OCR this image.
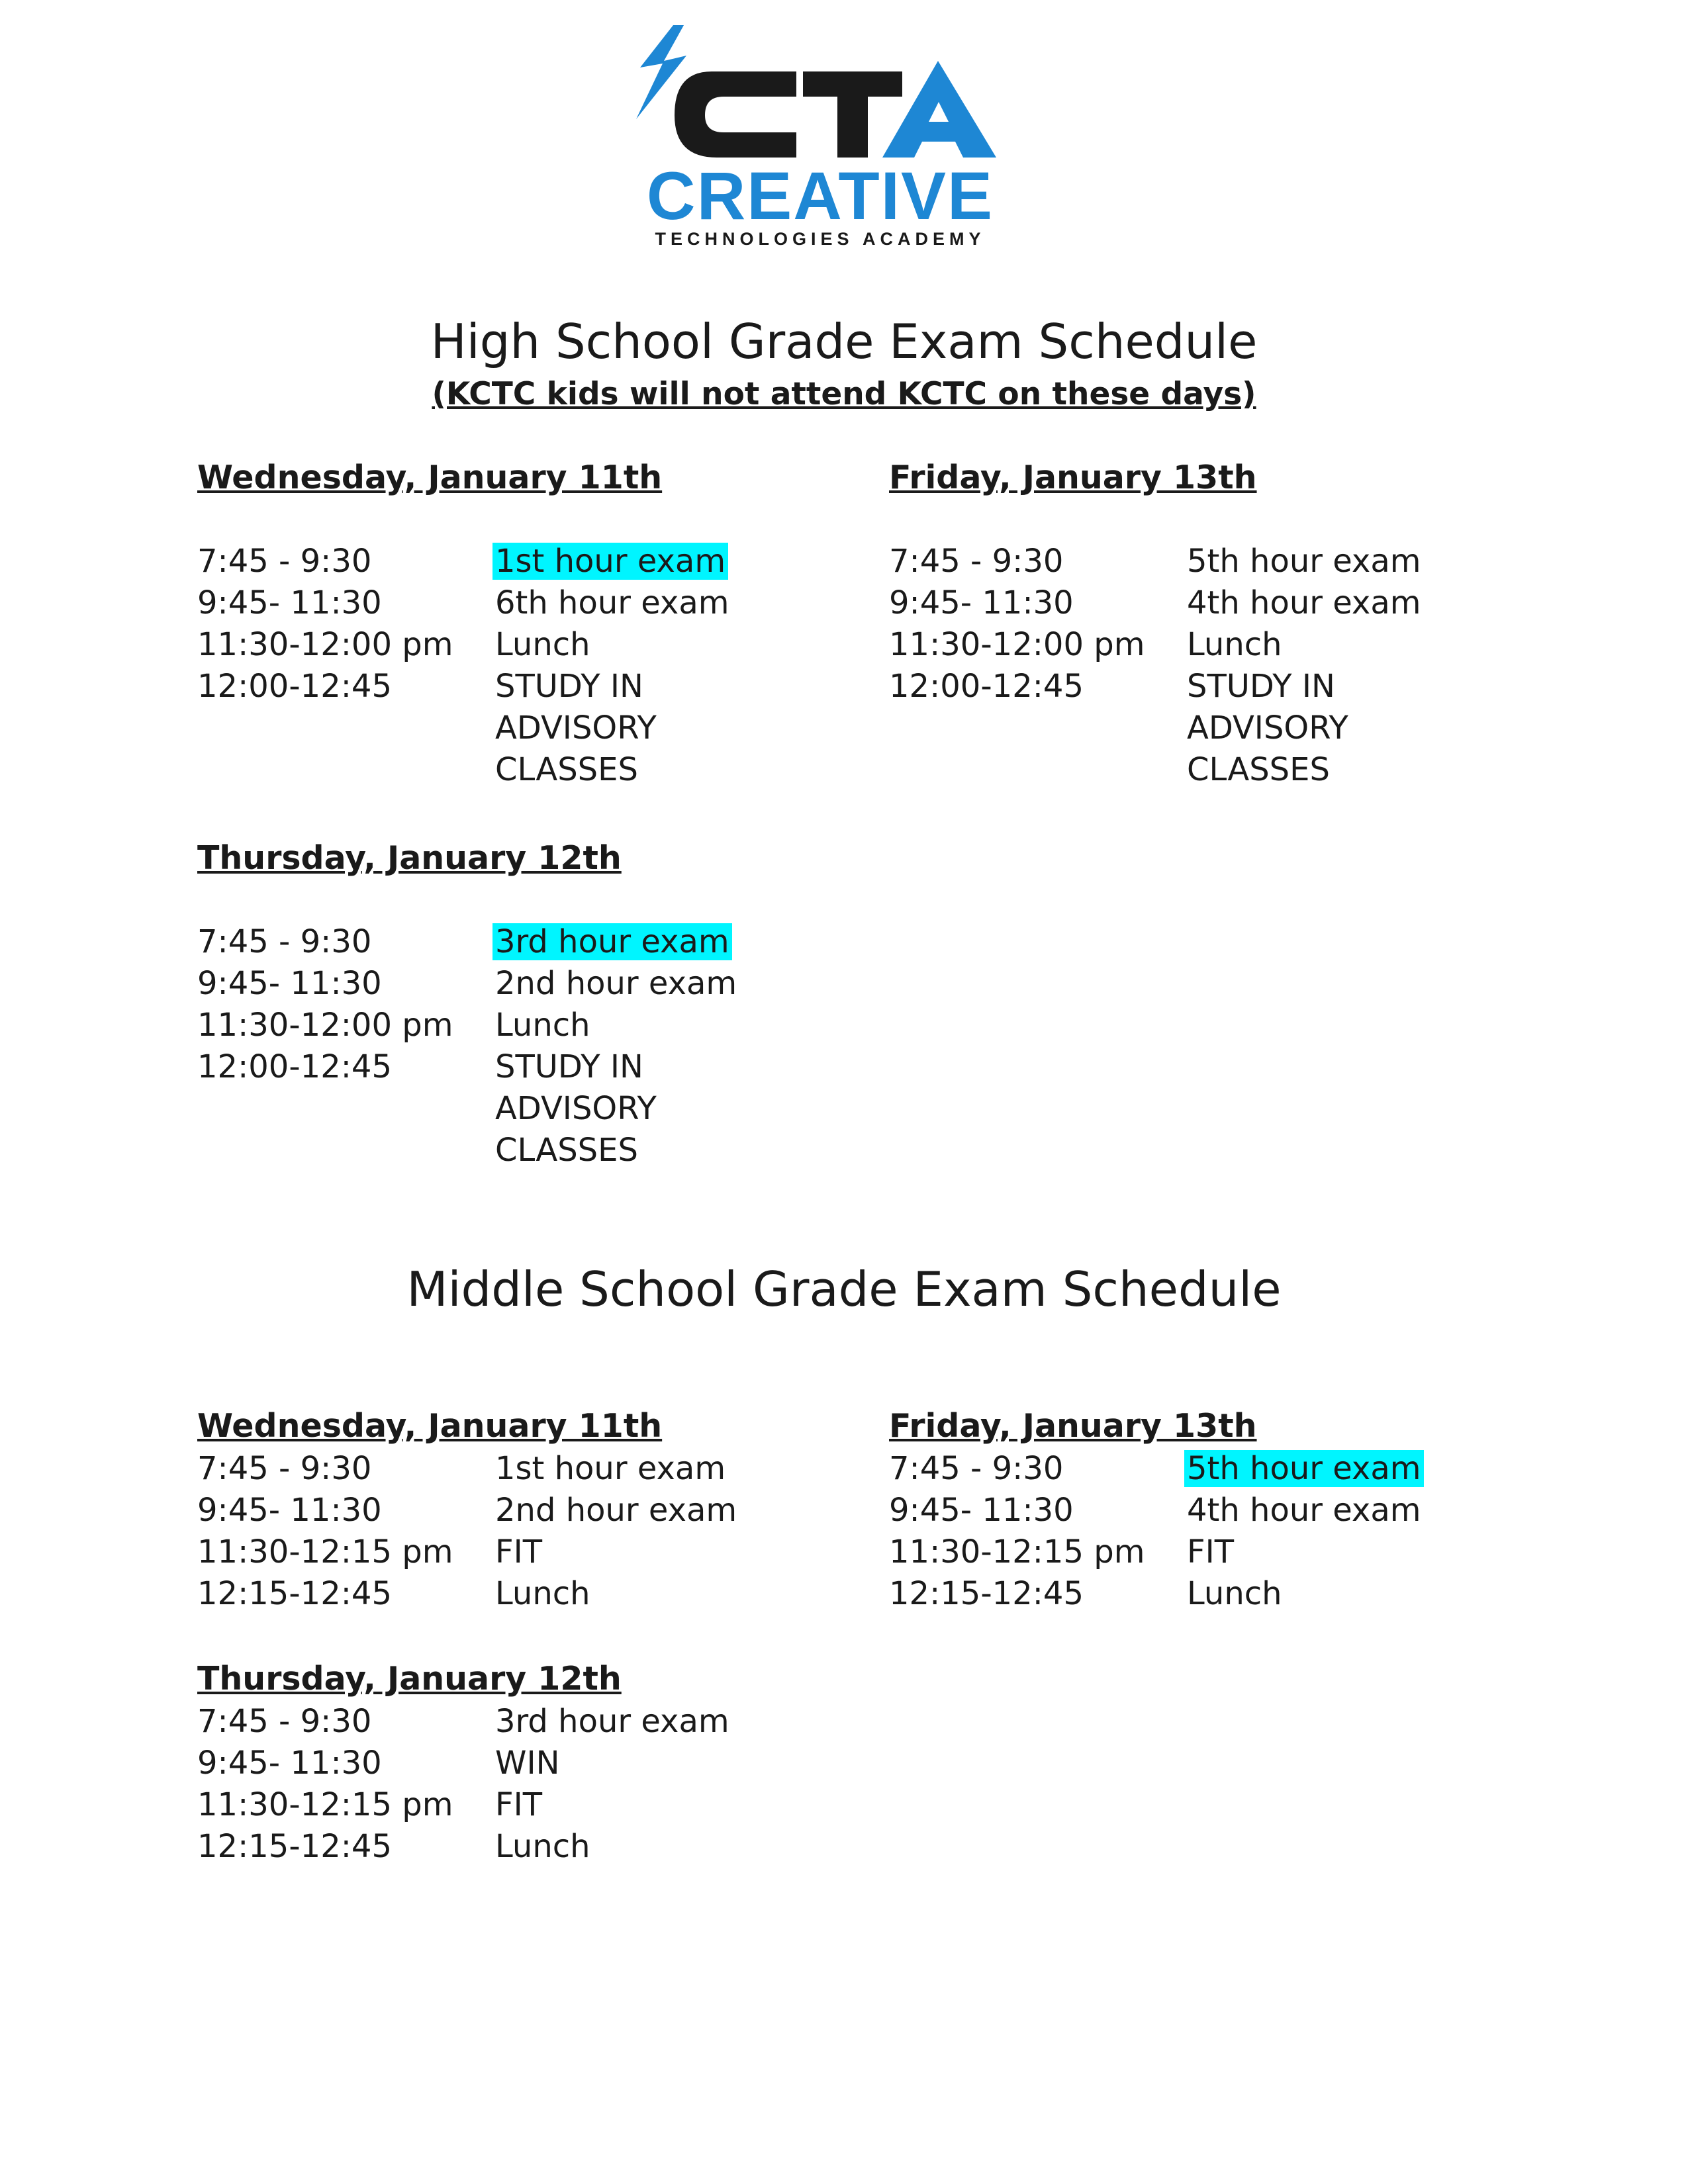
CREATIVE
TECHNOLOGIES ACADEMY
High School Grade Exam Schedule
(KCTC kids will not attend KCTC on these days)
Wednesday, January 11th
7:45 - 9:30	1st hour exam
9:45- 11:30	6th hour exam
11:30-12:00 pm Lunch
12:00-12:45	STUDY IN
ADVISORY
CLASSES
Friday, January 13th
7:45 - 9:30	5th hour exam
9:45- 11:30	4th hour exam
11:30-12:00 pm Lunch
12:00-12:45	STUDY IN
ADVISORY
CLASSES
Thursday, January 12th
7:45 - 9:30	3rd hour exam
9:45- 11:30	2nd hour exam
11:30-12:00 pm Lunch
12:00-12:45	STUDY IN
ADVISORY
CLASSES
Middle School Grade Exam Schedule
Wednesday, January 11th
7:45 - 9:30	1st hour exam
9:45- 11:30	2nd hour exam
11:30-12:15 pm FIT
12:15-12:45	Lunch
Friday, January 13th
7:45 - 9:30	5th hour exam
9:45- 11:30	4th hour exam
11:30-12:15 pm FIT
12:15-12:45	Lunch
Thursday, January 12th
7:45 - 9:30	3rd hour exam
9:45- 11:30	WIN
11:30-12:15 pm FIT
12:15-12:45	Lunch
